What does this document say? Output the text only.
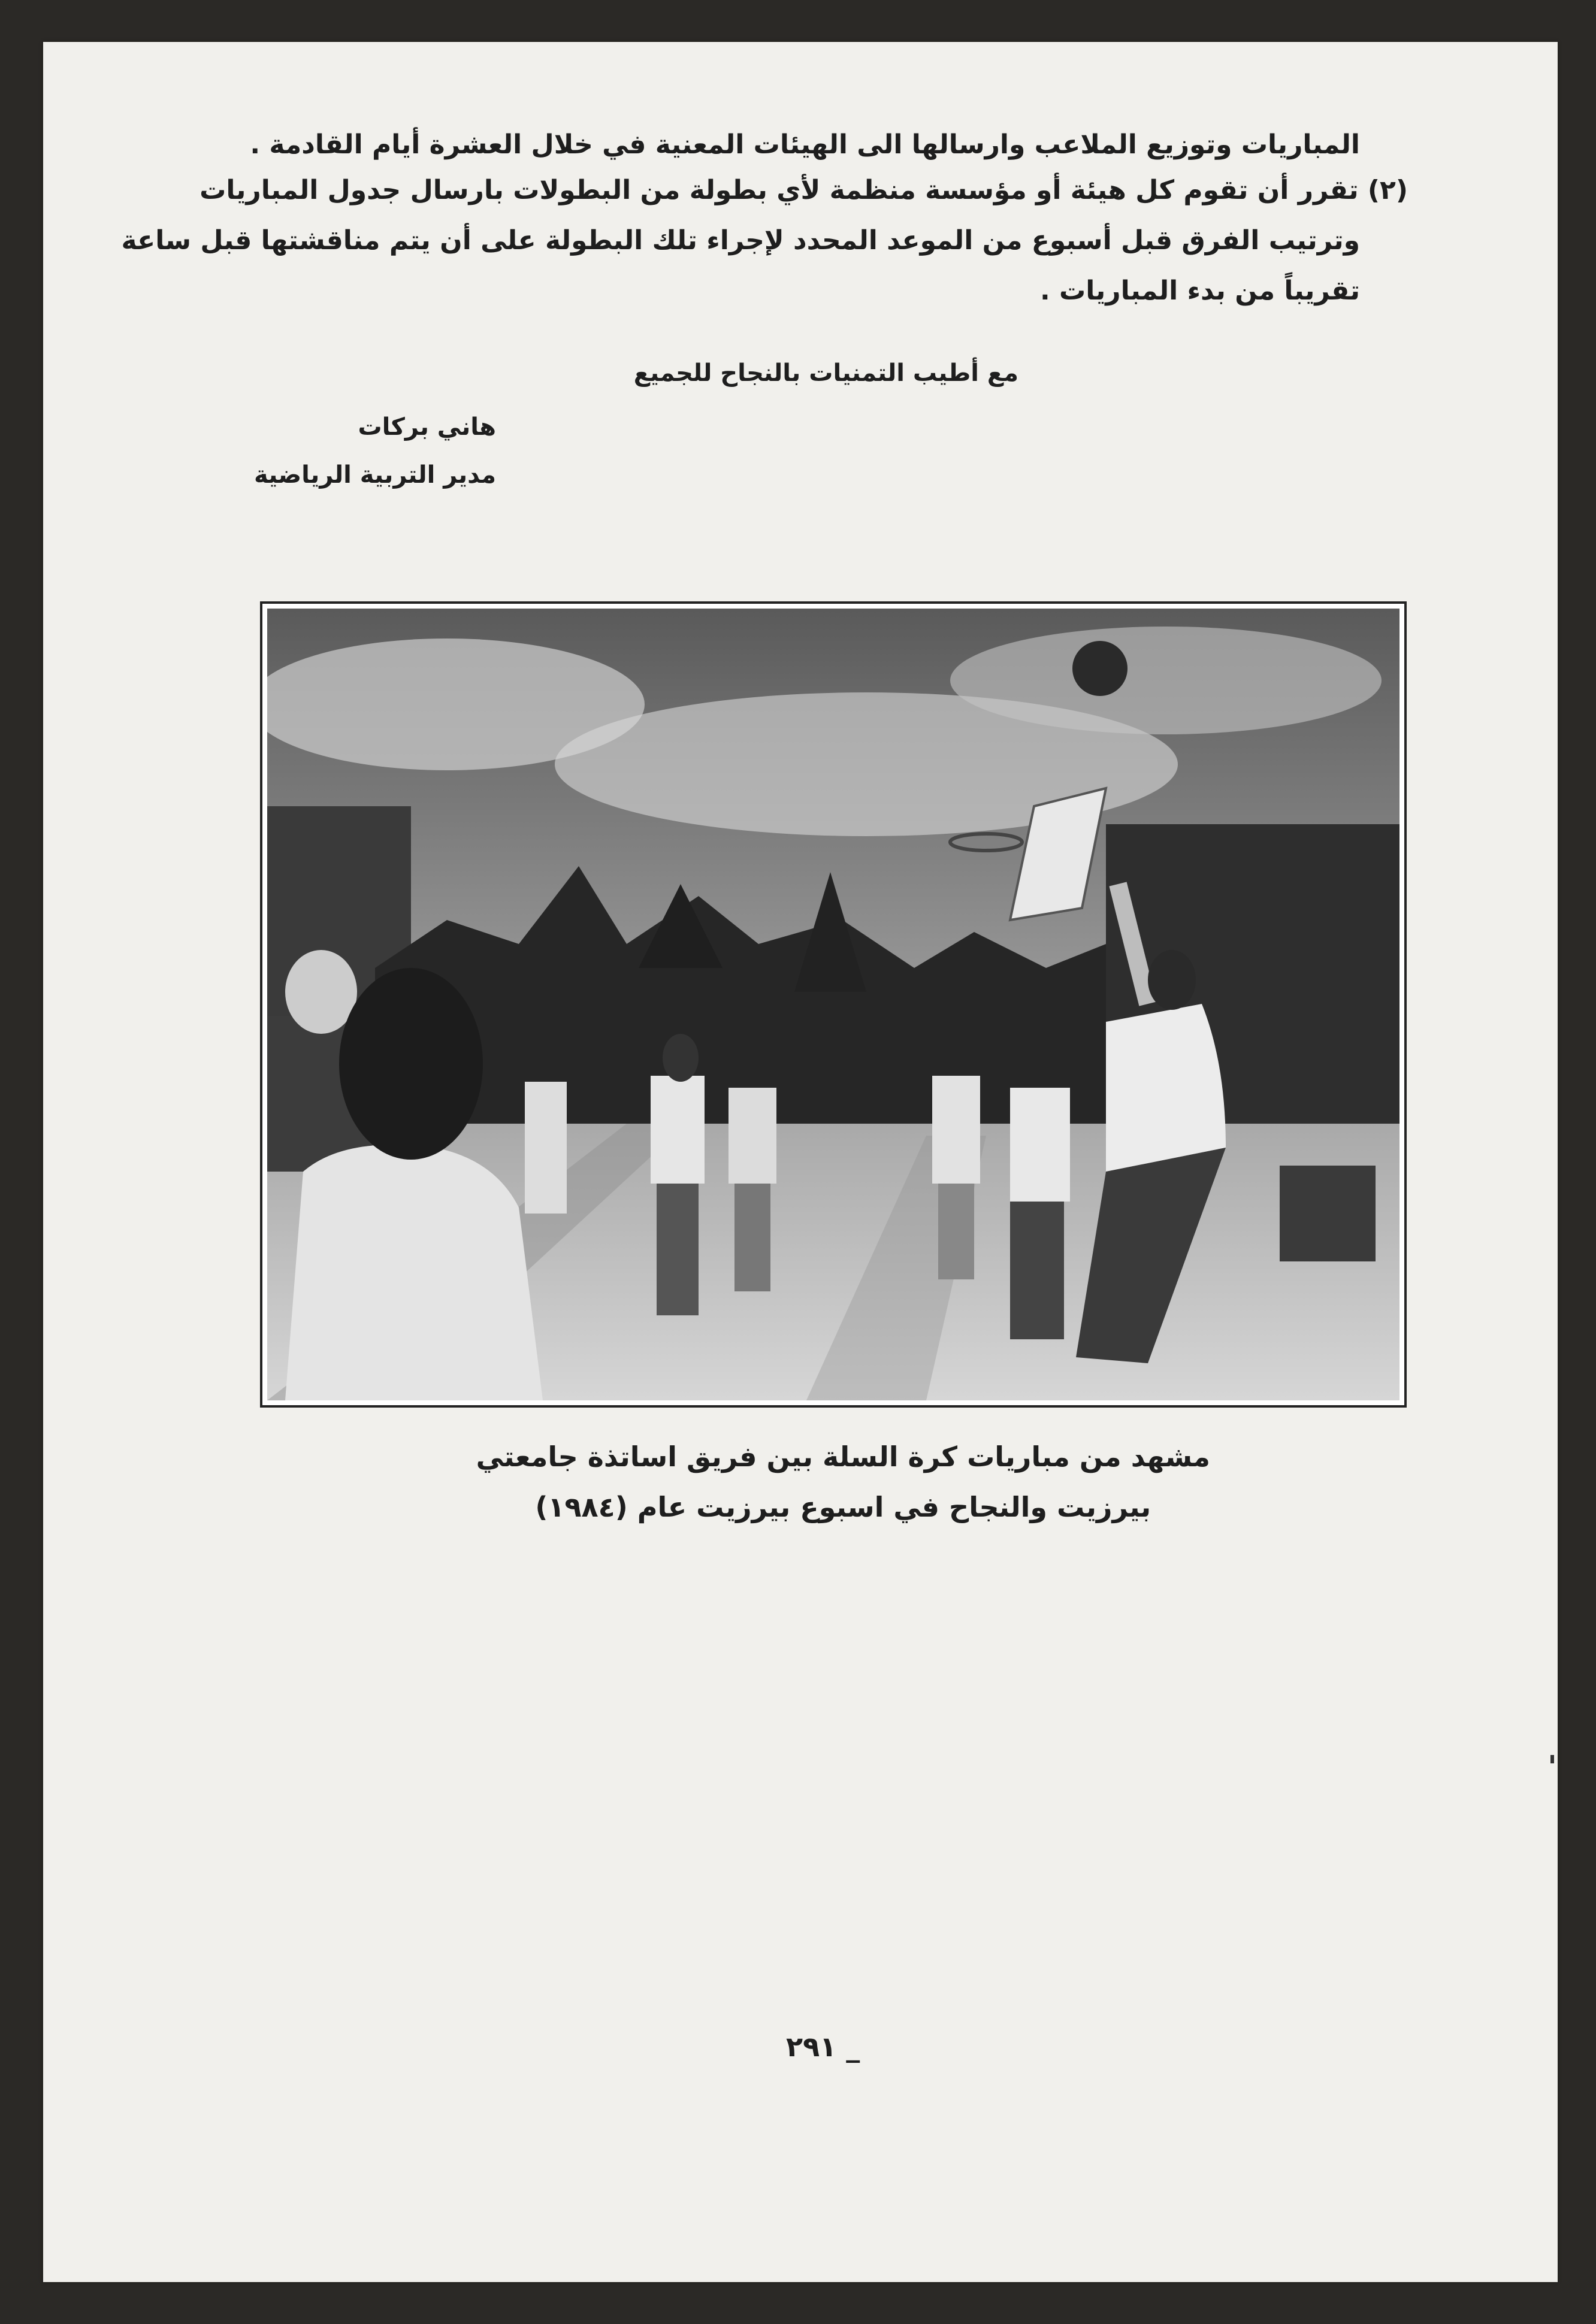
المباريات وتوزيع الملاعب وارسالها الى الهيئات المعنية في خلال العشرة أيام القادمة .
(٢) تقرر أن تقوم كل هيئة أو مؤسسة منظمة لأي بطولة من البطولات بارسال جدول المباريات
وترتيب الفرق قبل أسبوع من الموعد المحدد لإجراء تلك البطولة على أن يتم مناقشتها قبل ساعة
تقريباً من بدء المباريات .
مع أطيب التمنيات بالنجاح للجميع
هاني بركات
مدير التربية الرياضية
مشهد من مباريات كرة السلة بين فريق اساتذة جامعتي
بيرزيت والنجاح في اسبوع بيرزيت عام (١٩٨٤)
_ ٢٩١
